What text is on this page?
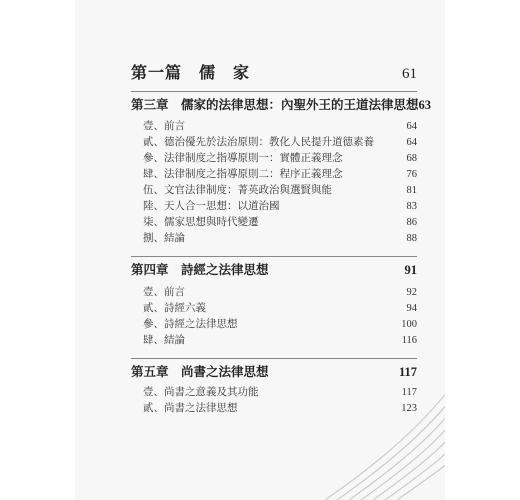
第一篇　儒　家	61
第三章　儒家的法律思想：內聖外王的王道法律思想 63
壹、前言	64
貳、德治優先於法治原則：教化人民提升道德素養	64
參、法律制度之指導原則一：實體正義理念	68
肆、法律制度之指導原則二：程序正義理念	76
伍、文官法律制度：菁英政治與選賢與能	81
陸、天人合一思想：以道治國	83
柒、儒家思想與時代變遷	86
捌、結論	88
第四章　詩經之法律思想	91
壹、前言	92
貳、詩經六義	94
參、詩經之法律思想	100
肆、結論	116
第五章　尚書之法律思想	117
壹、尚書之意義及其功能	117
貳、尚書之法律思想	123
